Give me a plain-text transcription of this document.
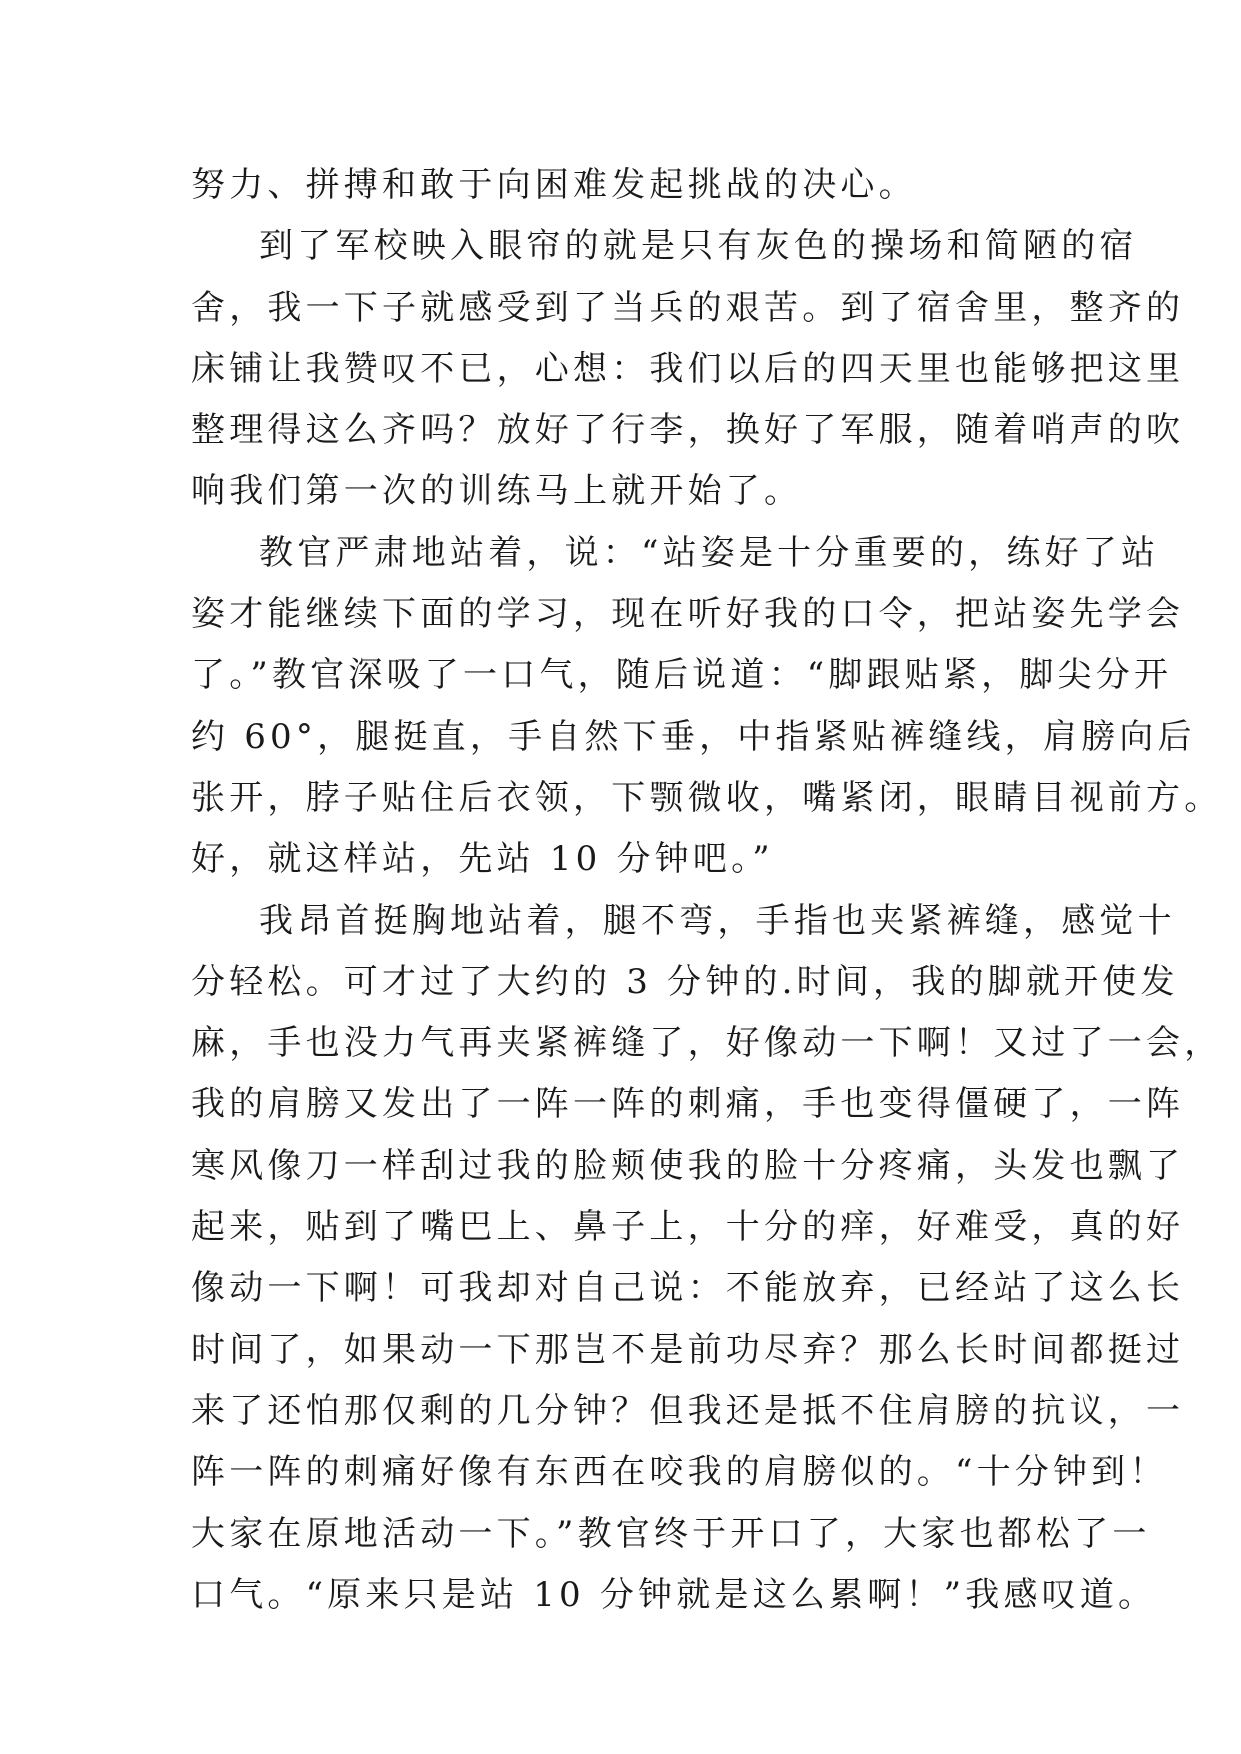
努力、拼搏和敢于向困难发起挑战的决心。
到了军校映入眼帘的就是只有灰色的操场和简陋的宿
舍，我一下子就感受到了当兵的艰苦。到了宿舍里，整齐的
床铺让我赞叹不已，心想：我们以后的四天里也能够把这里
整理得这么齐吗？放好了行李，换好了军服，随着哨声的吹
响我们第一次的训练马上就开始了。
教官严肃地站着，说：“站姿是十分重要的，练好了站
姿才能继续下面的学习，现在听好我的口令，把站姿先学会
了。”教官深吸了一口气，随后说道：“脚跟贴紧，脚尖分开
约 60°，腿挺直，手自然下垂，中指紧贴裤缝线，肩膀向后
张开，脖子贴住后衣领，下颚微收，嘴紧闭，眼睛目视前方。
好，就这样站，先站 10 分钟吧。”
我昂首挺胸地站着，腿不弯，手指也夹紧裤缝，感觉十
分轻松。可才过了大约的 3 分钟的.时间，我的脚就开使发
麻，手也没力气再夹紧裤缝了，好像动一下啊！又过了一会，
我的肩膀又发出了一阵一阵的刺痛，手也变得僵硬了，一阵
寒风像刀一样刮过我的脸颊使我的脸十分疼痛，头发也飘了
起来，贴到了嘴巴上、鼻子上，十分的痒，好难受，真的好
像动一下啊！可我却对自己说：不能放弃，已经站了这么长
时间了，如果动一下那岂不是前功尽弃？那么长时间都挺过
来了还怕那仅剩的几分钟？但我还是抵不住肩膀的抗议，一
阵一阵的刺痛好像有东西在咬我的肩膀似的。“十分钟到！
大家在原地活动一下。”教官终于开口了，大家也都松了一
口气。“原来只是站 10 分钟就是这么累啊！”我感叹道。
